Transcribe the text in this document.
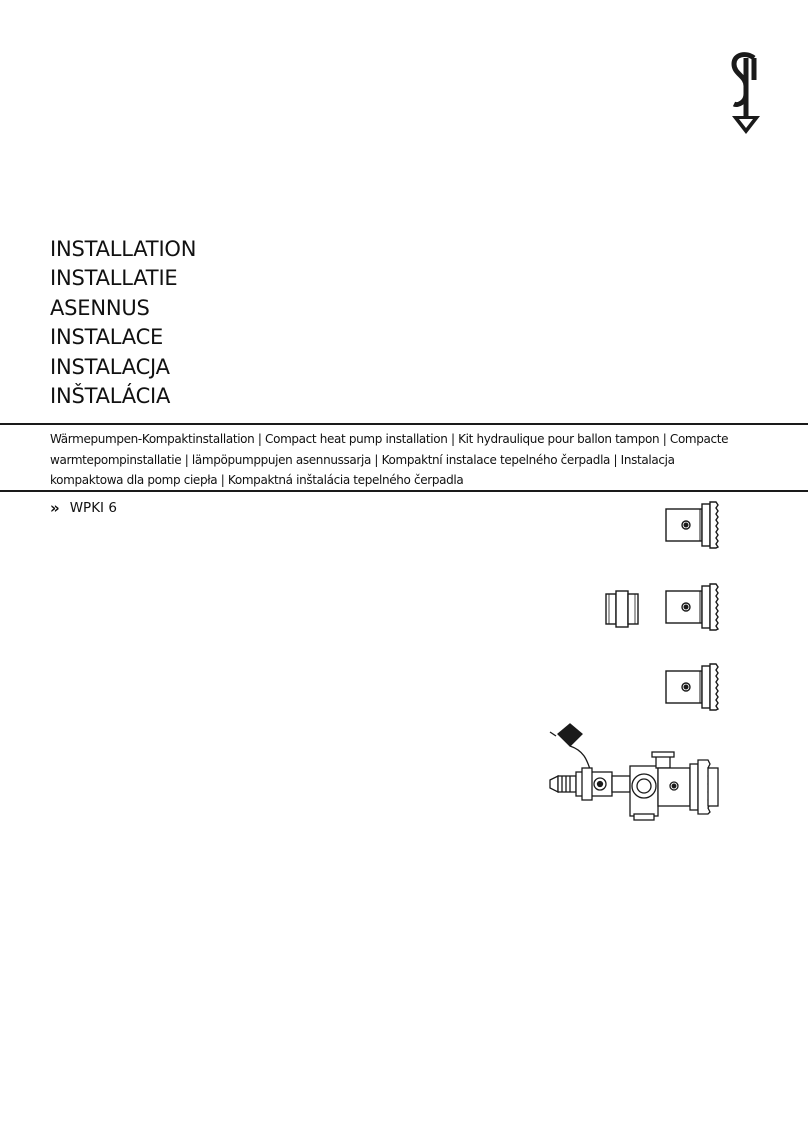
INSTALLATION
INSTALLATIE
ASENNUS
INSTALACE
INSTALACJA
INŠTALÁCIA
Wärmepumpen-Kompaktinstallation | Compact heat pump installation | Kit hydraulique pour ballon tampon | Compacte warmtepompinstallatie | lämpöpumppujen asennussarja | Kompaktní instalace tepelného čerpadla | Instalacja kompaktowa dla pomp ciepła | Kompaktná inštalácia tepelného čerpadla
» WPKI 6
